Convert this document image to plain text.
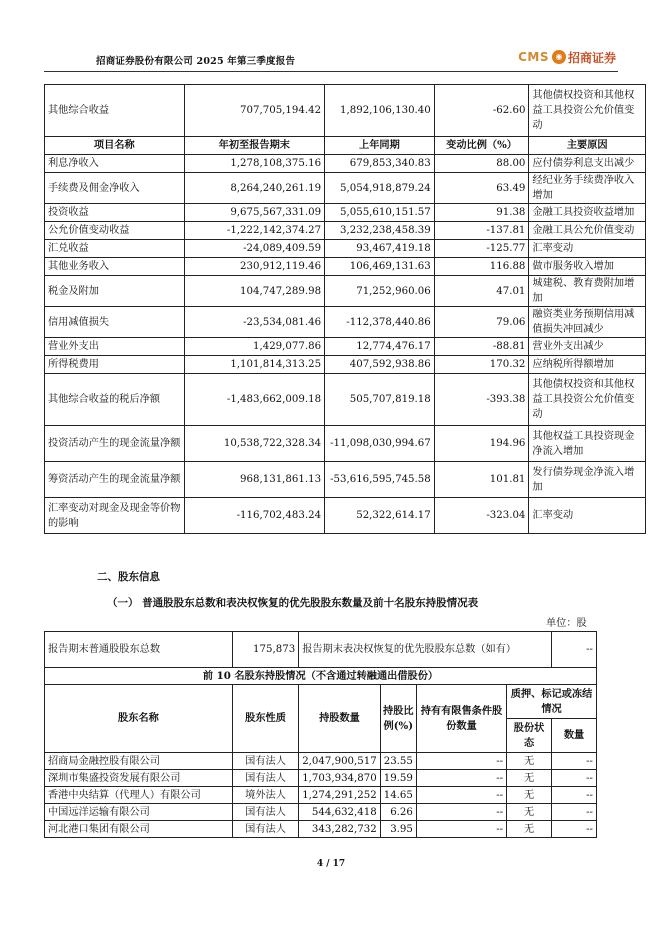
招商证券股份有限公司 2025 年第三季度报告	CMS ◉ 招商证券
其他综合收益	707,705,194.42	1,892,106,130.40	-62.60	其他债权投资和其他权益工具投资公允价值变动
项目名称	年初至报告期末	上年同期	变动比例（%）	主要原因
利息净收入	1,278,108,375.16	679,853,340.83	88.00	应付债券利息支出减少
手续费及佣金净收入	8,264,240,261.19	5,054,918,879.24	63.49	经纪业务手续费净收入增加
投资收益	9,675,567,331.09	5,055,610,151.57	91.38	金融工具投资收益增加
公允价值变动收益	-1,222,142,374.27	3,232,238,458.39	-137.81	金融工具公允价值变动
汇兑收益	-24,089,409.59	93,467,419.18	-125.77	汇率变动
其他业务收入	230,912,119.46	106,469,131.63	116.88	做市服务收入增加
税金及附加	104,747,289.98	71,252,960.06	47.01	城建税、教育费附加增加
信用减值损失	-23,534,081.46	-112,378,440.86	79.06	融资类业务预期信用减值损失冲回减少
营业外支出	1,429,077.86	12,774,476.17	-88.81	营业外支出减少
所得税费用	1,101,814,313.25	407,592,938.86	170.32	应纳税所得额增加
其他综合收益的税后净额	-1,483,662,009.18	505,707,819.18	-393.38	其他债权投资和其他权益工具投资公允价值变动
投资活动产生的现金流量净额	10,538,722,328.34	-11,098,030,994.67	194.96	其他权益工具投资现金净流入增加
筹资活动产生的现金流量净额	968,131,861.13	-53,616,595,745.58	101.81	发行债券现金净流入增加
汇率变动对现金及现金等价物的影响	-116,702,483.24	52,322,614.17	-323.04	汇率变动
二、股东信息
（一） 普通股股东总数和表决权恢复的优先股股东数量及前十名股东持股情况表
单位：股
报告期末普通股股东总数	175,873	报告期末表决权恢复的优先股股东总数（如有）				--
前 10 名股东持股情况（不含通过转融通出借股份）						
股东名称	股东性质	持股数量	持股比例(%)	持有有限售条件股份数量	质押、标记或冻结情况	
					股份状态	数量
招商局金融控股有限公司	国有法人	2,047,900,517	23.55	--	无	--
深圳市集盛投资发展有限公司	国有法人	1,703,934,870	19.59	--	无	--
香港中央结算（代理人）有限公司	境外法人	1,274,291,252	14.65	--	无	--
中国远洋运输有限公司	国有法人	544,632,418	6.26	--	无	--
河北港口集团有限公司	国有法人	343,282,732	3.95	--	无	--
4 / 17
